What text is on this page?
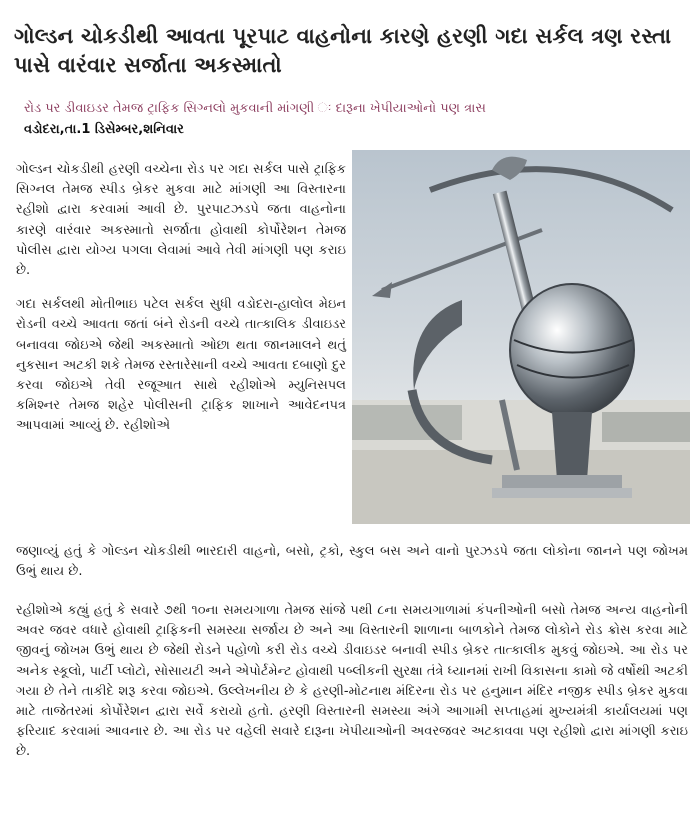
ગોલ્ડન ચોકડીથી આવતા પૂરપાટ વાહનોના કારણે હરણી ગદા સર્કલ ત્રણ રસ્તા પાસે વારંવાર સર્જાતા અકસ્માતો
રોડ પર ડીવાઇડર તેમજ ટ્રાફિક સિગ્નલો મુકવાની માંગણી ઃ દારૂના ખેપીયાઓનો પણ ત્રાસ
વડોદરા,તા.1 ડિસેમ્બર,શનિવાર

ગોલ્ડન ચોકડીથી હરણી વચ્ચેના રોડ પર ગદા સર્કલ પાસે ટ્રાફિક સિગ્નલ તેમજ સ્પીડ બ્રેકર મુકવા માટે માંગણી આ વિસ્તારના રહીશો દ્વારા કરવામાં આવી છે. પુરપાટઝડપે જતા વાહનોના કારણે વારંવાર અકસ્માતો સર્જાતા હોવાથી કોર્પોરેશન તેમજ પોલીસ દ્વારા યોગ્ય પગલા લેવામાં આવે તેવી માંગણી પણ કરાઇ છે.

ગદા સર્કલથી મોતીભાઇ પટેલ સર્કલ સુધી વડોદરા-હાલોલ મેઇન રોડની વચ્ચે આવતા જતાં બંને રોડની વચ્ચે તાત્કાલિક ડીવાઇડર બનાવવા જોઇએ જેથી અકસ્માતો ઓછા થતા જાનમાલને થતું નુકસાન અટકી શકે તેમજ રસ્તારેસાની વચ્ચે આવતા દબાણો દુર કરવા જોઇએ તેવી રજૂઆત સાથે રહીશોએ મ્યુનિસપલ કમિશ્નર તેમજ શહેર પોલીસની ટ્રાફિક શાખાને આવેદનપત્ર આપવામાં આવ્યું છે. રહીશોએ

જણાવ્યું હતું કે ગોલ્ડન ચોકડીથી ભારદારી વાહનો, બસો, ટ્રકો, સ્કુલ બસ અને વાનો પુરઝડપે જતા લોકોના જાનને પણ જોખમ ઉભું થાય છે.

રહીશોએ કહ્યું હતું કે સવારે ૭થી ૧૦ના સમયગાળા તેમજ સાંજે ૫થી ૮ના સમયગાળામાં કંપનીઓની બસો તેમજ અન્ય વાહનોની અવર જવર વધારે હોવાથી ટ્રાફિકની સમસ્યા સર્જાય છે અને આ વિસ્તારની શાળાના બાળકોને તેમજ લોકોને રોડ ક્રોસ કરવા માટે જીવનું જોખમ ઉભું થાય છે જેથી રોડને પહોળો કરી રોડ વચ્ચે ડીવાઇડર બનાવી સ્પીડ બ્રેકર તાત્કાલીક મુકવું જોઇએ. આ રોડ પર અનેક સ્કૂલો, પાર્ટી પ્લોટો, સોસાયટી અને એપોર્ટમેન્ટ હોવાથી પબ્લીકની સુરક્ષા તંત્રે ધ્યાનમાં રાખી વિકાસના કામો જે વર્ષોથી અટકી ગયા છે તેને તાકીદે શરૂ કરવા જોઇએ. ઉલ્લેખનીય છે કે હરણી-મોટનાથ મંદિરના રોડ પર હનુમાન મંદિર નજીક સ્પીડ બ્રેકર મુકવા માટે તાજેતરમાં કોર્પોરેશન દ્વારા સર્વે કરાયો હતો. હરણી વિસ્તારની સમસ્યા અંગે આગામી સપ્તાહમાં મુખ્યમંત્રી કાર્યાલયમાં પણ ફરિયાદ કરવામાં આવનાર છે. આ રોડ પર વહેલી સવારે દારૂના ખેપીયાઓની અવરજવર અટકાવવા પણ રહીશો દ્વારા માંગણી કરાઇ છે.
